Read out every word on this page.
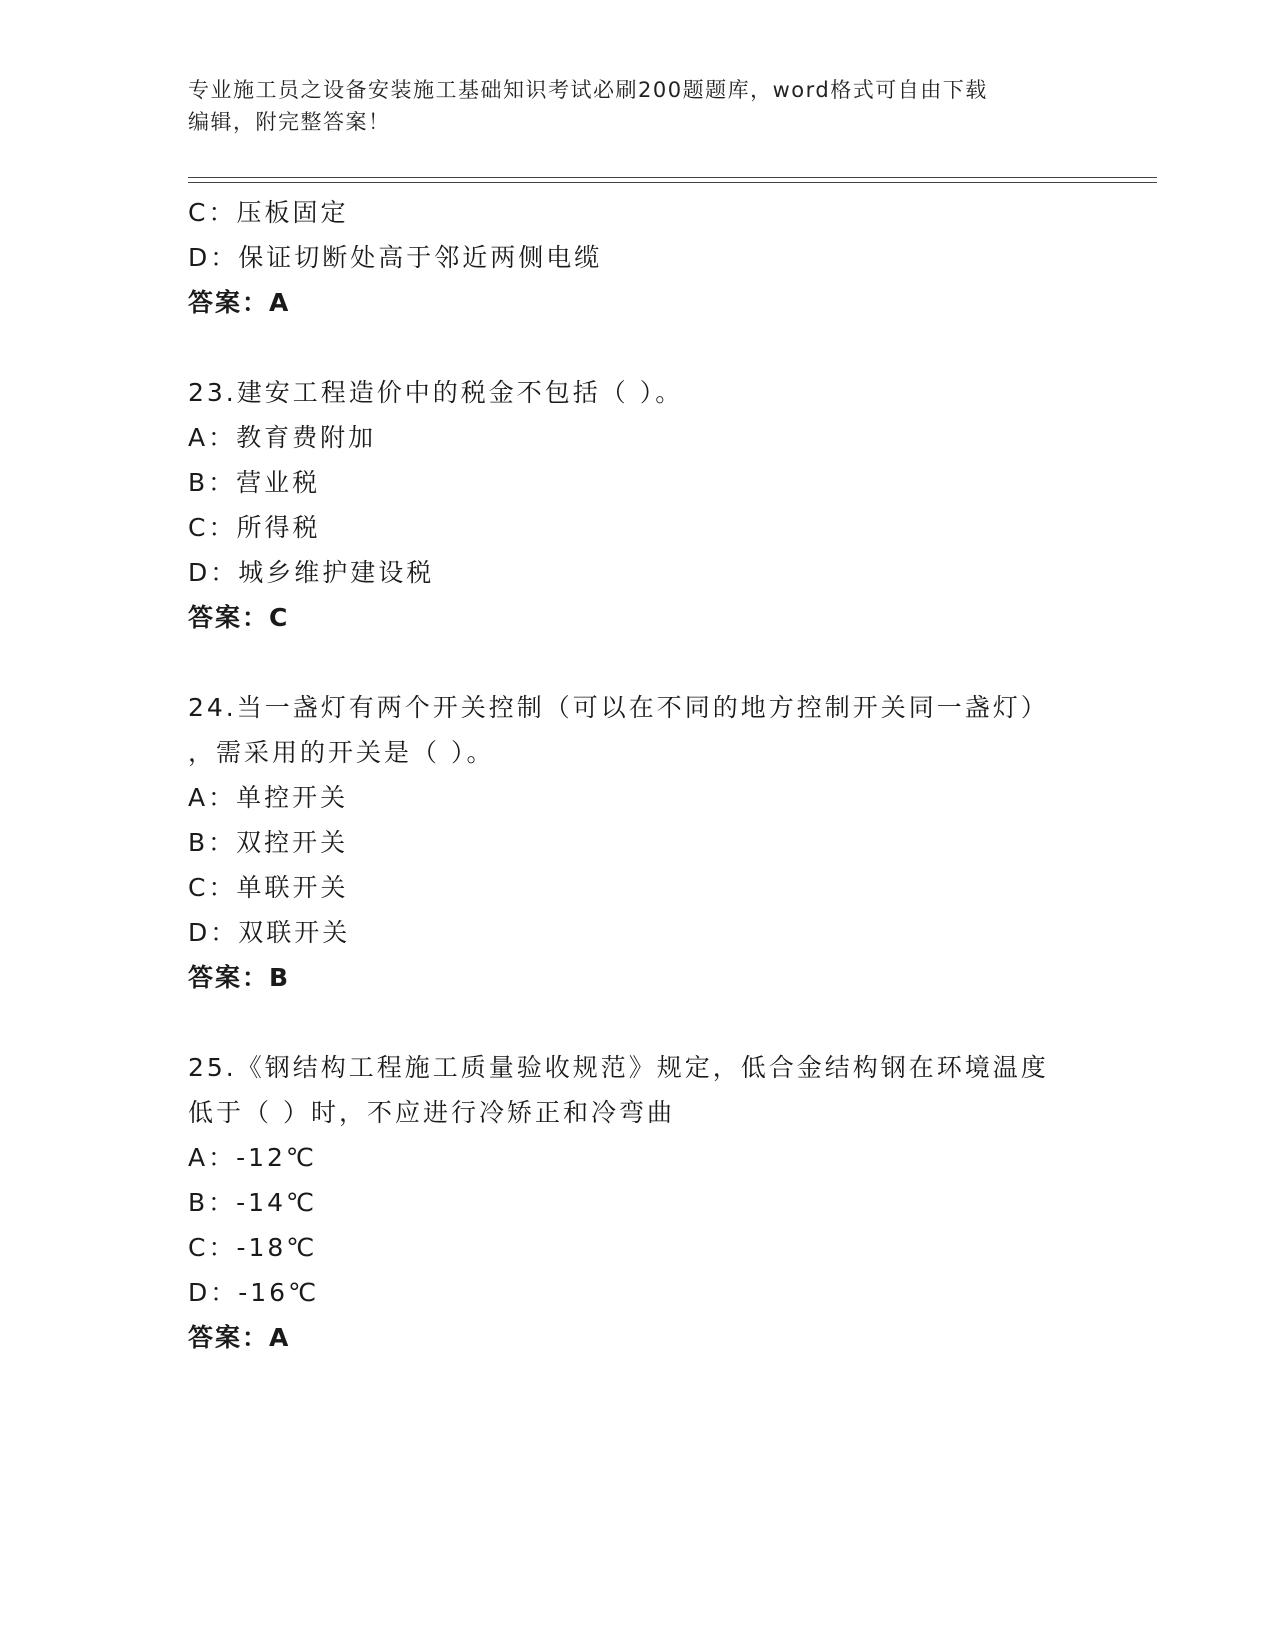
专业施工员之设备安装施工基础知识考试必刷200题题库，word格式可自由下载
编辑，附完整答案！
C：压板固定
D：保证切断处高于邻近两侧电缆
答案：A
23.建安工程造价中的税金不包括（ ）。
A：教育费附加
B：营业税
C：所得税
D：城乡维护建设税
答案：C
24.当一盏灯有两个开关控制（可以在不同的地方控制开关同一盏灯）
，需采用的开关是（ ）。
A：单控开关
B：双控开关
C：单联开关
D：双联开关
答案：B
25.《钢结构工程施工质量验收规范》规定，低合金结构钢在环境温度
低于（ ）时，不应进行冷矫正和冷弯曲
A：-12℃
B：-14℃
C：-18℃
D：-16℃
答案：A
